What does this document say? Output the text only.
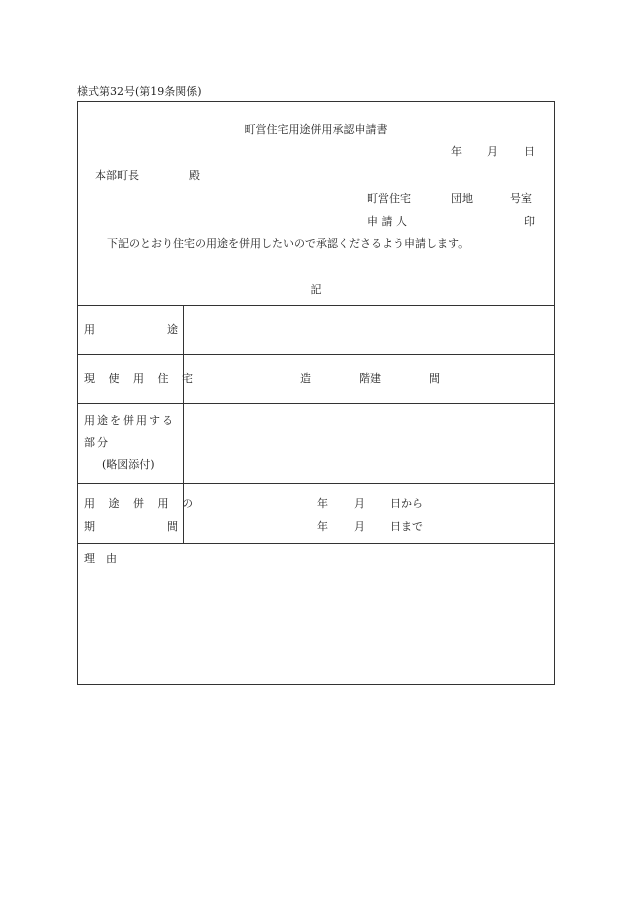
様式第32号(第19条関係)
町営住宅用途併用承認申請書
年 月 日
本部町長	殿
町営住宅	団地	号室
申 請 人	印
下記のとおり住宅の用途を併用したいので承認くださるよう申請します。
記
用	途
現 使 用 住 宅	造	階建	間
用途を併用する
部分
(略図添付)
用 途 併 用 の
期	間
年 月 日から
年 月 日まで
理　由
